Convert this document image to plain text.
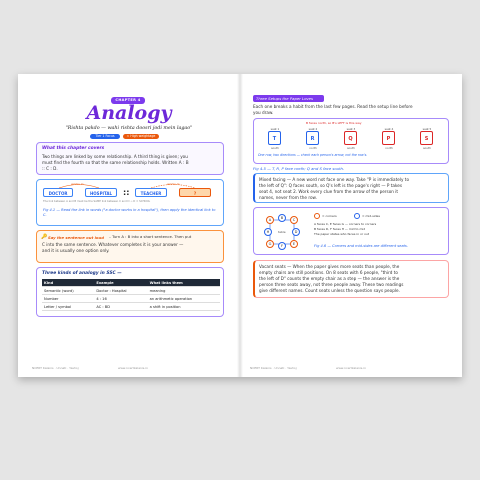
CHAPTER 4
Analogy
"Rishta pakdo — wahi rishta doosri jodi mein lagao"
Tier 1 Focus	≈ High weightage
What this chapter covers
Two things are linked by some relationship. A third thing is given; you
must find the fourth so that the same relationship holds. Written A : B
:: C : D.
works in	works in
DOCTOR	HOSPITAL	::	TEACHER	?
The link between A and B must be the SAME link between C and D → D = SCHOOL
Fig 4.1 — Read the link in words ("a doctor works in a hospital"), then apply the identical link to C.
🔑 Say the sentence out loud – Turn A : B into a short sentence. Then put
C into the same sentence. Whatever completes it is your answer —
and it is usually one option only.
Three kinds of analogy in SSC —
Kind	Example	What links them
Semantic (word)	Doctor : Hospital	meaning
Number	4 : 16	an arithmetic operation
Letter / symbol	AC : BD	a shift in position
NCERT Kalanis · Unnati · Yashoj	www.ncertkalanis.in
Three Setups the Paper Loves
Each one breaks a habit from the last few pages. Read the setup line before
you draw.
B faces north, so B's LEFT is this way
seat 1
T
south
seat 2
R
north
seat 3
Q
south
seat 4
P
north
seat 5
S
south
One row, two directions — check each person's arrow, not the row's.
Fig 4.5 — T, R, P face north; Q and S face south.
Mixed facing — A new word not face one way. Take "P is immediately to
the left of Q": Q faces south, so Q's left is the page's right — P takes
seat 4, not seat 2. Work every clue from the arrow of the person it
names, never from the row.
table
A	B	C
D
E
F
G
H
= corners	= mid-sides
A faces C, E faces G — corners to corners
B faces D, F faces H — mid to mid
The paper states who faces in or out
Fig 4.6 — Corners and mid-sides are different seats.
Vacant seats — When the paper gives more seats than people, the
empty chairs are still positions. On 8 seats with 6 people, "third to
the left of D" counts the empty chair as a step — the answer is the
person three seats away, not three people away. These two readings
give different names. Count seats unless the question says people.
NCERT Kalanis · Unnati · Yashoj	www.ncertkalanis.in
